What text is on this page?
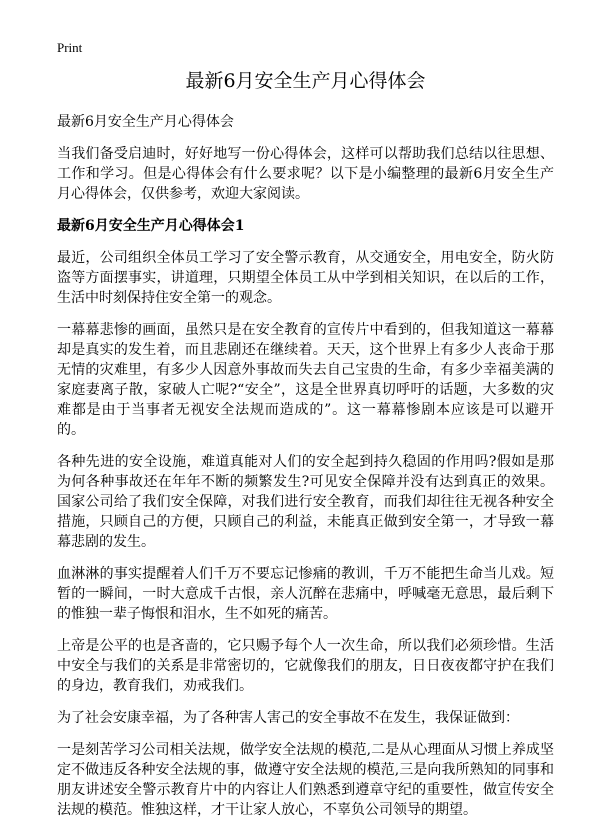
Print
最新6月安全生产月心得体会

最新6月安全生产月心得体会

当我们备受启迪时，好好地写一份心得体会，这样可以帮助我们总结以往思想、工作和学习。但是心得体会有什么要求呢？以下是小编整理的最新6月安全生产月心得体会，仅供参考，欢迎大家阅读。

最新6月安全生产月心得体会1

最近，公司组织全体员工学习了安全警示教育，从交通安全，用电安全，防火防盗等方面摆事实，讲道理，只期望全体员工从中学到相关知识，在以后的工作，生活中时刻保持住安全第一的观念。

一幕幕悲惨的画面，虽然只是在安全教育的宣传片中看到的，但我知道这一幕幕却是真实的发生着，而且悲剧还在继续着。天天，这个世界上有多少人丧命于那无情的灾难里，有多少人因意外事故而失去自己宝贵的生命，有多少幸福美满的家庭妻离子散，家破人亡呢?“安全”，这是全世界真切呼吁的话题，大多数的灾难都是由于当事者无视安全法规而造成的”。这一幕幕惨剧本应该是可以避开的。

各种先进的安全设施，难道真能对人们的安全起到持久稳固的作用吗?假如是那为何各种事故还在年年不断的频繁发生?可见安全保障并没有达到真正的效果。国家公司给了我们安全保障，对我们进行安全教育，而我们却往往无视各种安全措施，只顾自己的方便，只顾自己的利益，未能真正做到安全第一，才导致一幕幕悲剧的发生。

血淋淋的事实提醒着人们千万不要忘记惨痛的教训，千万不能把生命当儿戏。短暂的一瞬间，一时大意成千古恨，亲人沉醉在悲痛中，呼喊毫无意思，最后剩下的惟独一辈子悔恨和泪水，生不如死的痛苦。

上帝是公平的也是吝啬的，它只赐予每个人一次生命，所以我们必须珍惜。生活中安全与我们的关系是非常密切的，它就像我们的朋友，日日夜夜都守护在我们的身边，教育我们，劝戒我们。

为了社会安康幸福，为了各种害人害己的安全事故不在发生，我保证做到：

一是刻苦学习公司相关法规，做学安全法规的模范,二是从心理面从习惯上养成坚定不做违反各种安全法规的事，做遵守安全法规的模范,三是向我所熟知的同事和朋友讲述安全警示教育片中的内容让人们熟悉到遵章守纪的重要性，做宣传安全法规的模范。惟独这样，才干让家人放心，不辜负公司领导的期望。
